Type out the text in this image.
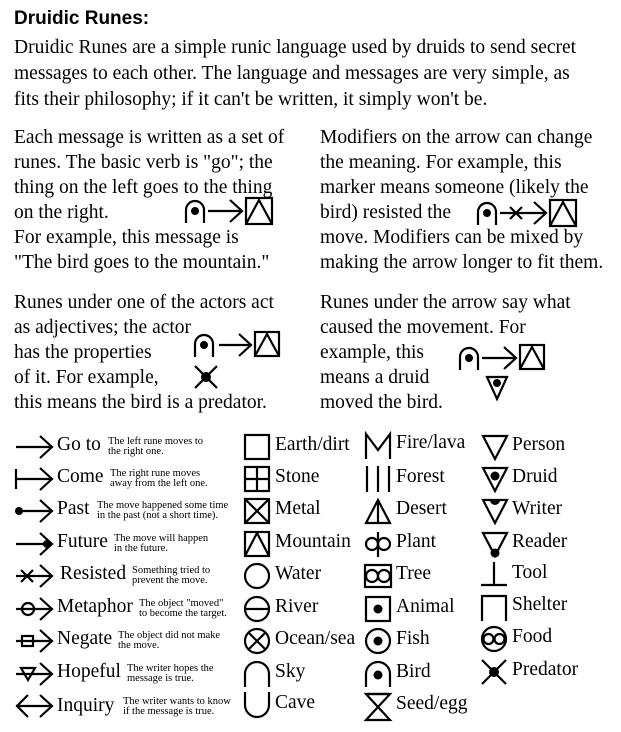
Druidic Runes:
Druidic Runes are a simple runic language used by druids to send secret
messages to each other. The language and messages are very simple, as
fits their philosophy; if it can't be written, it simply won't be.
Each message is written as a set of
runes. The basic verb is "go"; the
thing on the left goes to the thing
on the right.
For example, this message is
"The bird goes to the mountain."
Modifiers on the arrow can change
the meaning. For example, this
marker means someone (likely the
bird) resisted the
move. Modifiers can be mixed by
making the arrow longer to fit them.
Runes under one of the actors act
as adjectives; the actor
has the properties
of it. For example,
this means the bird is a predator.
Runes under the arrow say what
caused the movement. For
example, this
means a druid
moved the bird.
Go to The left rune moves to
the right one.
Come The right rune moves
away from the left one.
Past The move happened some time
in the past (not a short time).
Future The move will happen
in the future.
Resisted Something tried to
prevent the move.
Metaphor The object "moved"
to become the target.
Negate The object did not make
the move.
Hopeful The writer hopes the
message is true.
Inquiry The writer wants to know
if the message is true.
Earth/dirt
Stone
Metal
Mountain
Water
River
Ocean/sea
Sky
Cave
Fire/lava
Forest
Desert
Plant
Tree
Animal
Fish
Bird
Seed/egg
Person
Druid
Writer
Reader
Tool
Shelter
Food
Predator
